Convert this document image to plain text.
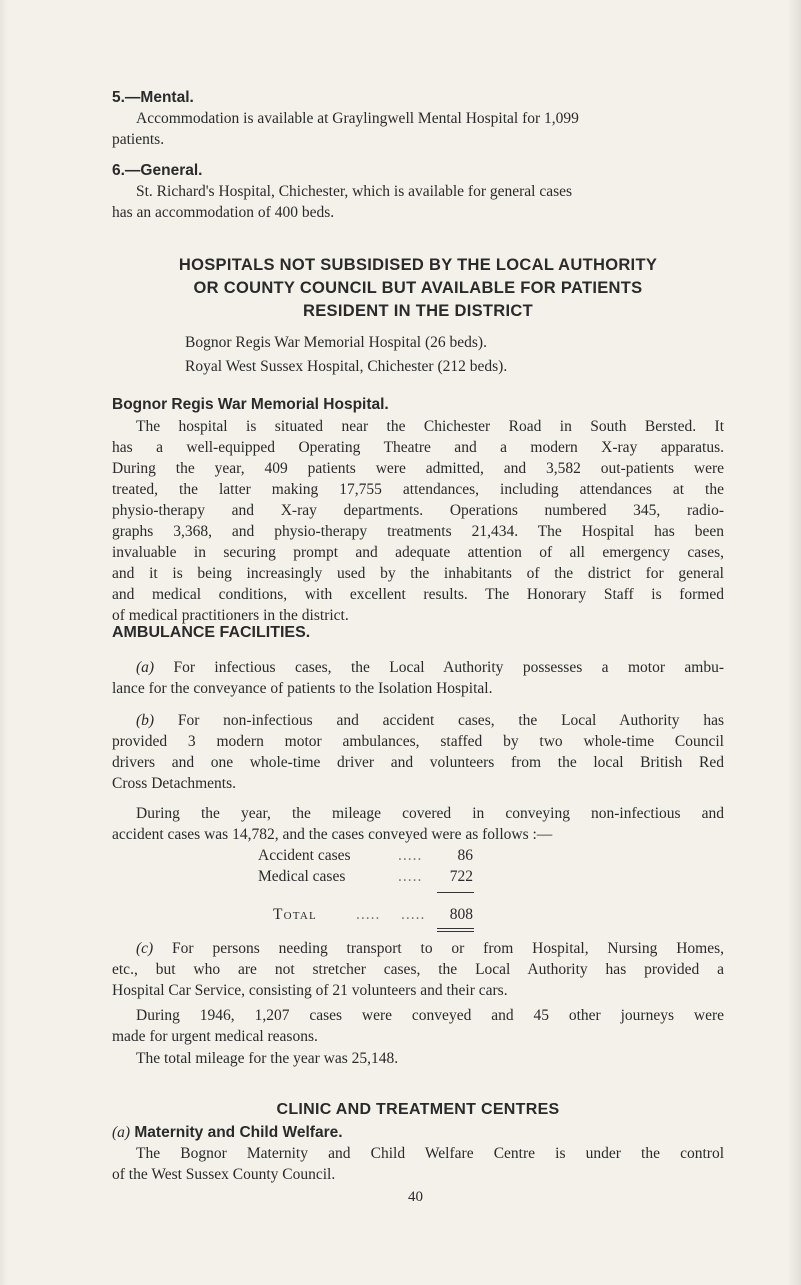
5.—Mental.

Accommodation is available at Graylingwell Mental Hospital for 1,099

patients.

6.—General.

St. Richard's Hospital, Chichester, which is available for general cases

has an accommodation of 400 beds.

HOSPITALS NOT SUBSIDISED BY THE LOCAL AUTHORITY

OR COUNTY COUNCIL BUT AVAILABLE FOR PATIENTS

RESIDENT IN THE DISTRICT

Bognor Regis War Memorial Hospital (26 beds).

Royal West Sussex Hospital, Chichester (212 beds).

Bognor Regis War Memorial Hospital.

The hospital is situated near the Chichester Road in South Bersted. It

has a well-equipped Operating Theatre and a modern X-ray apparatus.

During the year, 409 patients were admitted, and 3,582 out-patients were

treated, the latter making 17,755 attendances, including attendances at the

physio-therapy and X-ray departments. Operations numbered 345, radio-

graphs 3,368, and physio-therapy treatments 21,434. The Hospital has been

invaluable in securing prompt and adequate attention of all emergency cases,

and it is being increasingly used by the inhabitants of the district for general

and medical conditions, with excellent results. The Honorary Staff is formed

of medical practitioners in the district.

AMBULANCE FACILITIES.

(a) For infectious cases, the Local Authority possesses a motor ambu-

lance for the conveyance of patients to the Isolation Hospital.

(b) For non-infectious and accident cases, the Local Authority has

provided 3 modern motor ambulances, staffed by two whole-time Council

drivers and one whole-time driver and volunteers from the local British Red

Cross Detachments.

During the year, the mileage covered in conveying non-infectious and

accident cases was 14,782, and the cases conveyed were as follows :—

Accident cases	.....	86
Medical cases	.....	722
Total	..... .....	808

(c) For persons needing transport to or from Hospital, Nursing Homes,

etc., but who are not stretcher cases, the Local Authority has provided a

Hospital Car Service, consisting of 21 volunteers and their cars.

During 1946, 1,207 cases were conveyed and 45 other journeys were

made for urgent medical reasons.

The total mileage for the year was 25,148.

CLINIC AND TREATMENT CENTRES

(a) Maternity and Child Welfare.

The Bognor Maternity and Child Welfare Centre is under the control

of the West Sussex County Council.

40
